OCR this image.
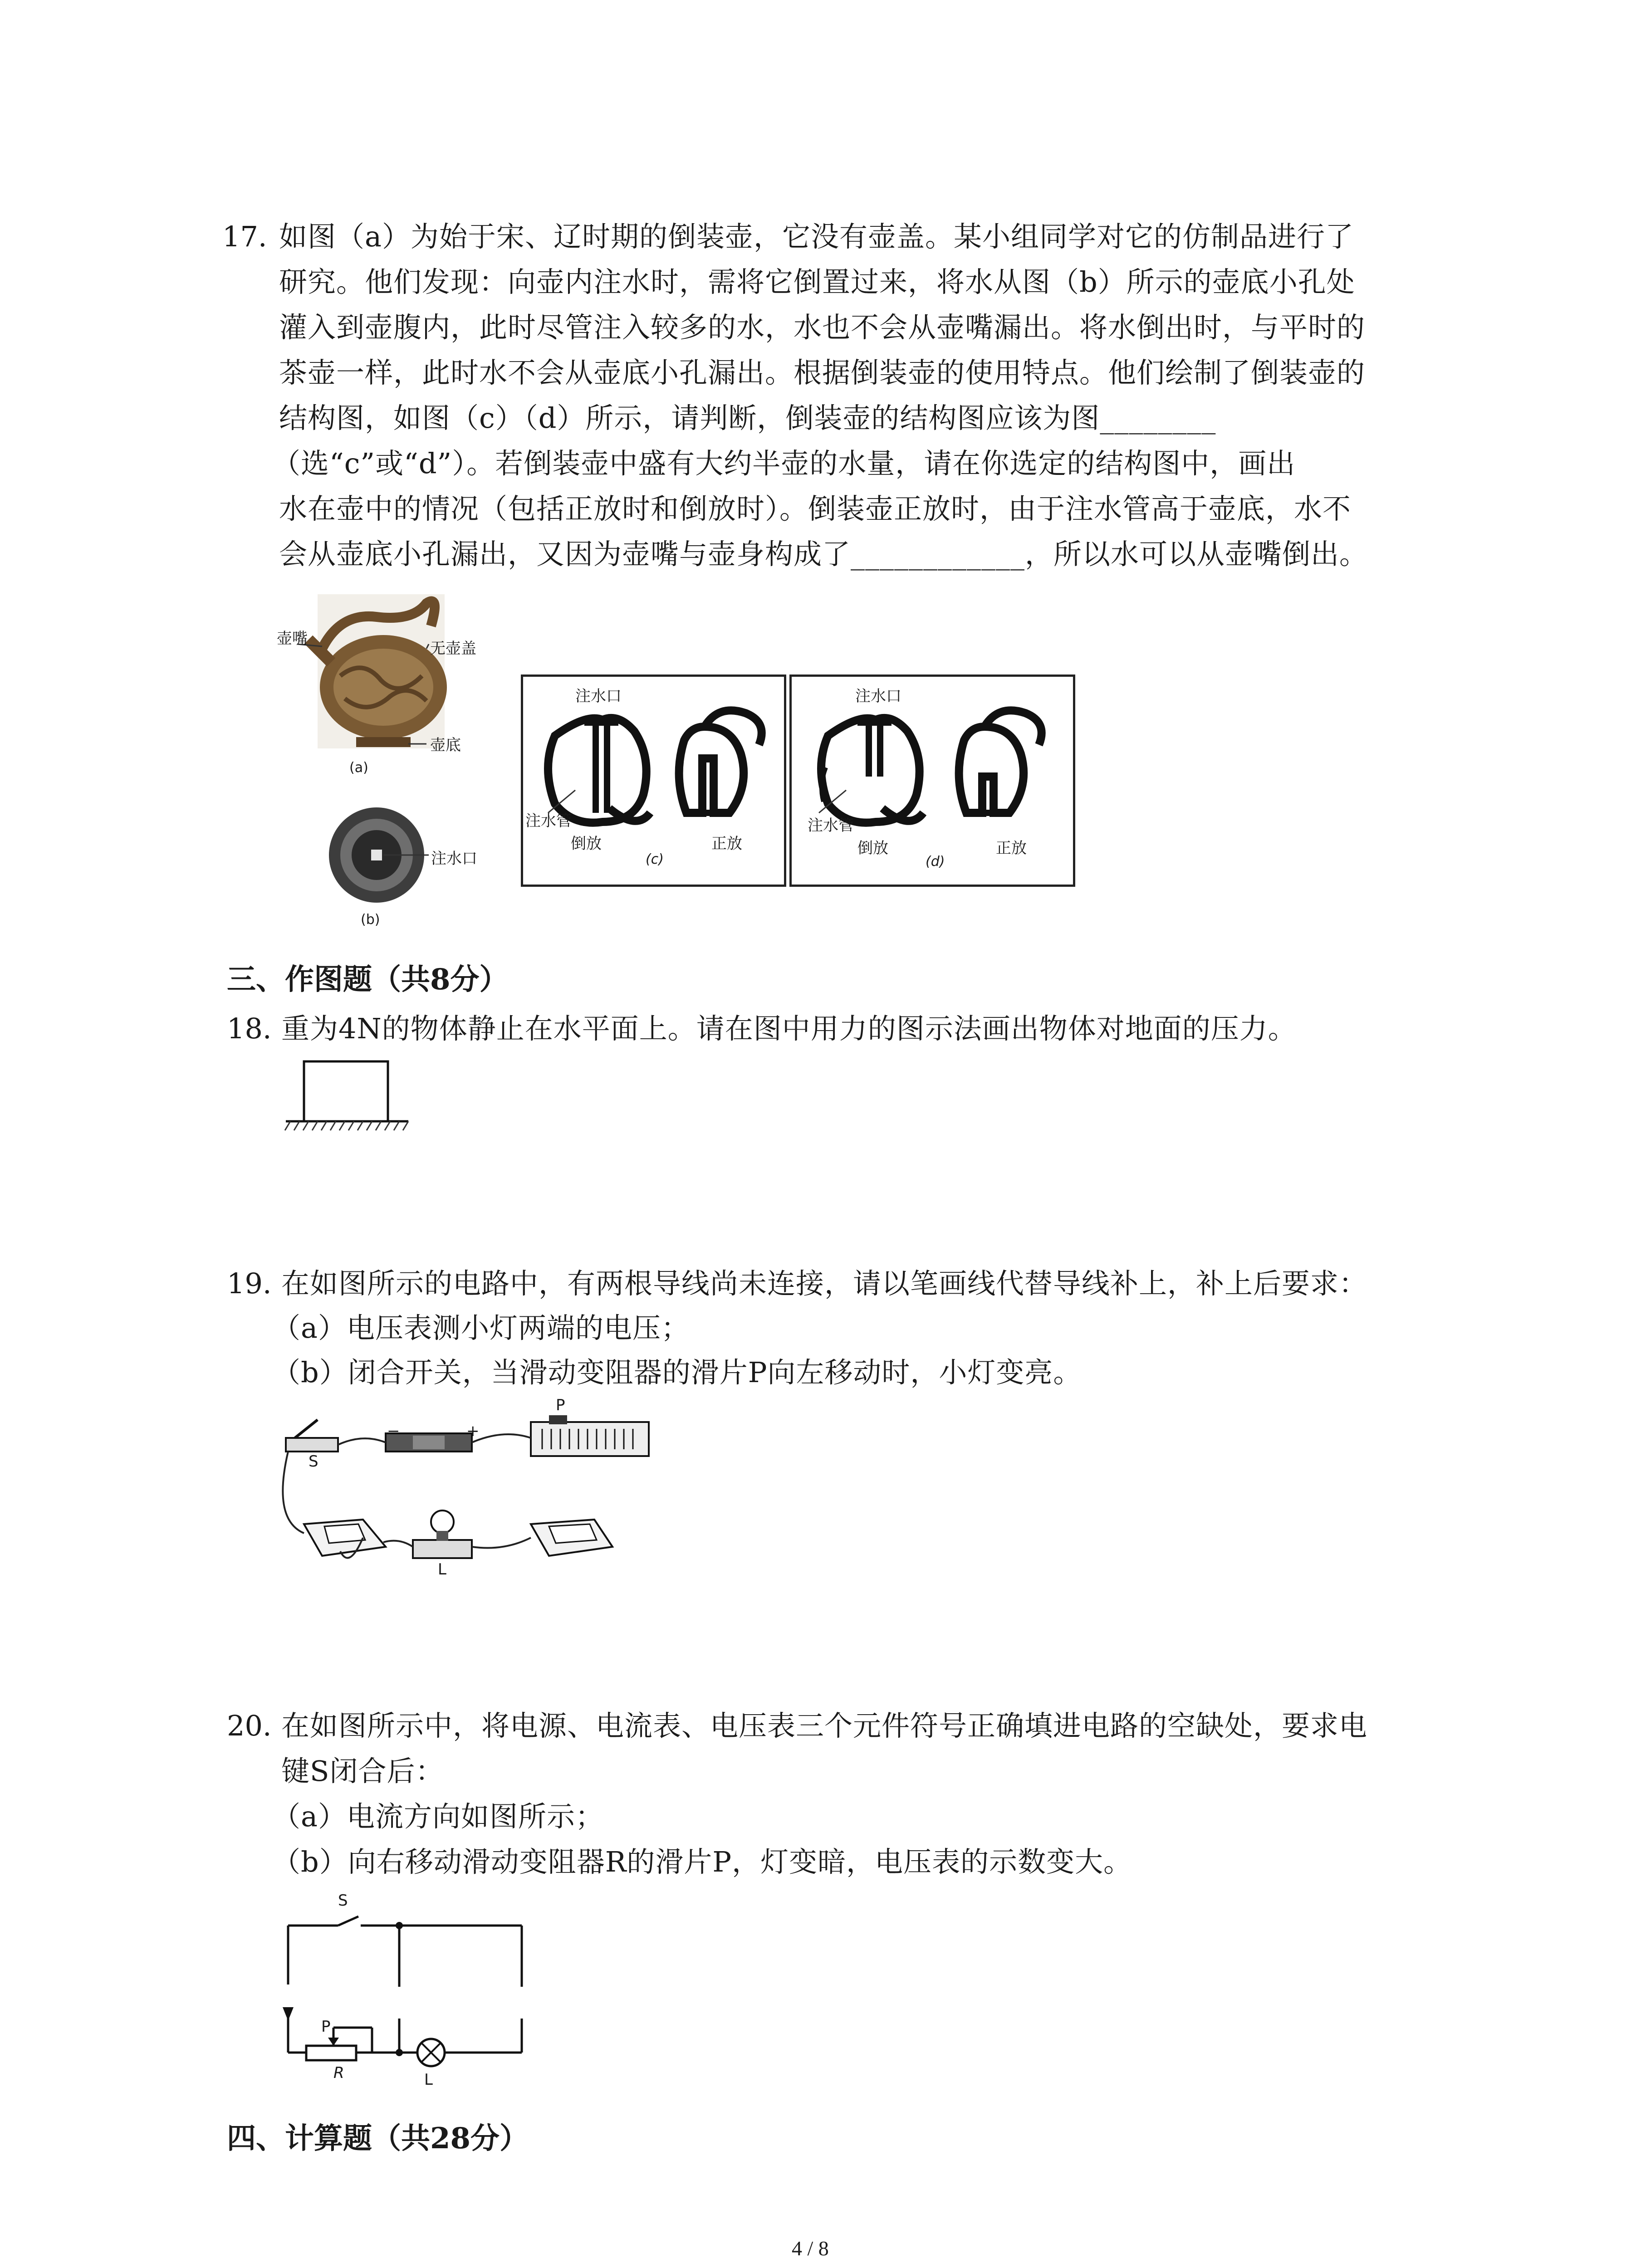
17. 如图（a）为始于宋、辽时期的倒装壶，它没有壶盖。某小组同学对它的仿制品进行了
研究。他们发现：向壶内注水时，需将它倒置过来，将水从图（b）所示的壶底小孔处
灌入到壶腹内，此时尽管注入较多的水，水也不会从壶嘴漏出。将水倒出时，与平时的
茶壶一样，此时水不会从壶底小孔漏出。根据倒装壶的使用特点。他们绘制了倒装壶的
结构图，如图（c）（d）所示，请判断，倒装壶的结构图应该为图________
（选“c”或“d”）。若倒装壶中盛有大约半壶的水量，请在你选定的结构图中，画出
水在壶中的情况（包括正放时和倒放时）。倒装壶正放时，由于注水管高于壶底，水不
会从壶底小孔漏出，又因为壶嘴与壶身构成了____________，所以水可以从壶嘴倒出。
壶嘴
无壶盖
壶底
(a)
注水口
(b)
注水口
注水管
倒放	正放
(c)
注水口
注水管
倒放	正放
(d)
三、作图题（共8分）
18. 重为4N的物体静止在水平面上。请在图中用力的图示法画出物体对地面的压力。
19. 在如图所示的电路中，有两根导线尚未连接，请以笔画线代替导线补上，补上后要求：
（a）电压表测小灯两端的电压；
（b）闭合开关，当滑动变阻器的滑片P向左移动时，小灯变亮。
S
−	+
P
L
20. 在如图所示中，将电源、电流表、电压表三个元件符号正确填进电路的空缺处，要求电
键S闭合后：
（a）电流方向如图所示；
（b）向右移动滑动变阻器R的滑片P，灯变暗，电压表的示数变大。
S
P
R	L
四、计算题（共28分）
4 / 8
